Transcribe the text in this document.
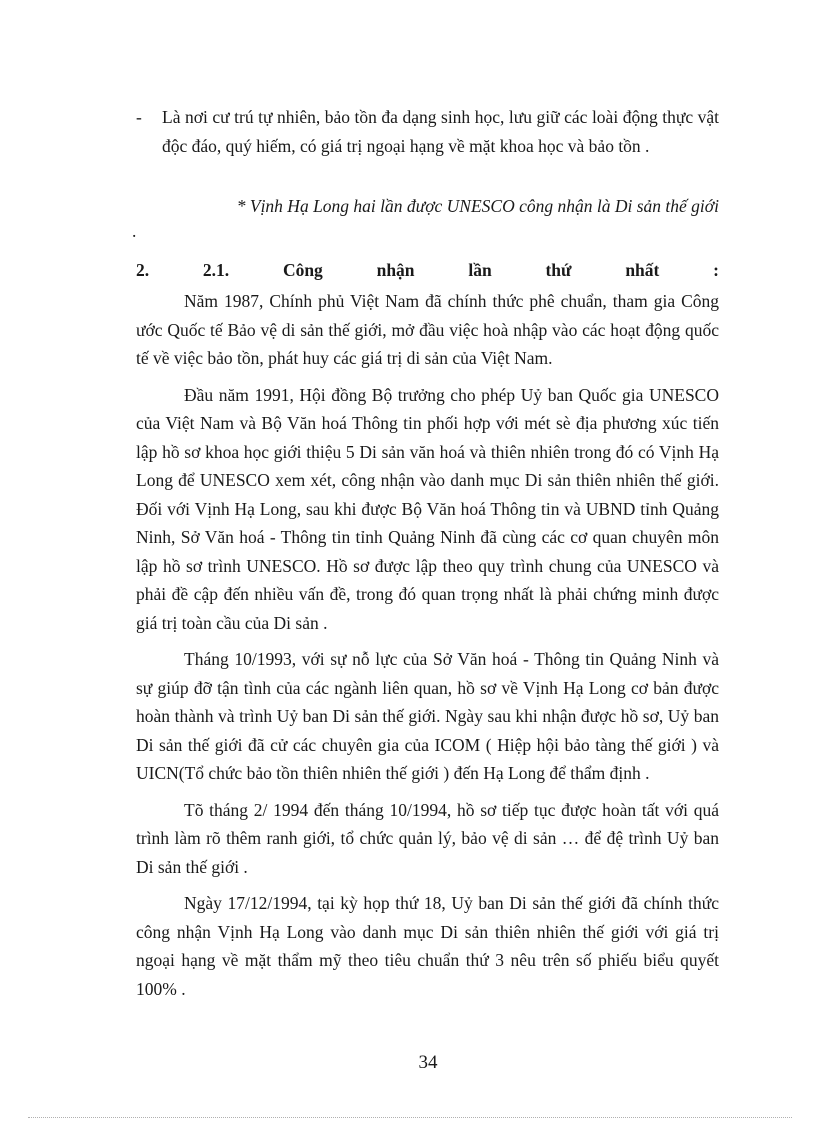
- Là nơi cư trú tự nhiên, bảo tồn đa dạng sinh học, lưu giữ các loài động thực vật độc đáo, quý hiếm, có giá trị ngoại hạng về mặt khoa học và bảo tồn .
* Vịnh Hạ Long hai lần được UNESCO công nhận là Di sản thế giới
.
2.	2.1.	Công	nhận	lần	thứ	nhất	:

Năm 1987, Chính phủ Việt Nam đã chính thức phê chuẩn, tham gia Công ước Quốc tế Bảo vệ di sản thế giới, mở đầu việc hoà nhập vào các hoạt động quốc tế về việc bảo tồn, phát huy các giá trị di sản của Việt Nam.

Đầu năm 1991, Hội đồng Bộ trưởng cho phép Uỷ ban Quốc gia UNESCO của Việt Nam và Bộ Văn hoá Thông tin phối hợp với mét sè địa phương xúc tiến lập hồ sơ khoa học giới thiệu 5 Di sản văn hoá và thiên nhiên trong đó có Vịnh Hạ Long để UNESCO xem xét, công nhận vào danh mục Di sản thiên nhiên thế giới. Đối với Vịnh Hạ Long, sau khi được Bộ Văn hoá Thông tin và UBND tỉnh Quảng Ninh, Sở Văn hoá - Thông tin tỉnh Quảng Ninh đã cùng các cơ quan chuyên môn lập hồ sơ trình UNESCO. Hồ sơ được lập theo quy trình chung của UNESCO và phải đề cập đến nhiều vấn đề, trong đó quan trọng nhất là phải chứng minh được giá trị toàn cầu của Di sản .

Tháng 10/1993, với sự nỗ lực của Sở Văn hoá - Thông tin Quảng Ninh và sự giúp đỡ tận tình của các ngành liên quan, hồ sơ về Vịnh Hạ Long cơ bản được hoàn thành và trình Uỷ ban Di sản thế giới. Ngày sau khi nhận được hồ sơ, Uỷ ban Di sản thế giới đã cử các chuyên gia của ICOM ( Hiệp hội bảo tàng thế giới ) và UICN(Tổ chức bảo tồn thiên nhiên thế giới ) đến Hạ Long để thẩm định .

Tõ tháng 2/ 1994 đến tháng 10/1994, hồ sơ tiếp tục được hoàn tất với quá trình làm rõ thêm ranh giới, tổ chức quản lý, bảo vệ di sản … để đệ trình Uỷ ban Di sản thế giới .

Ngày 17/12/1994, tại kỳ họp thứ 18, Uỷ ban Di sản thế giới đã chính thức công nhận Vịnh Hạ Long vào danh mục Di sản thiên nhiên thế giới với giá trị ngoại hạng về mặt thẩm mỹ theo tiêu chuẩn thứ 3 nêu trên số phiếu biểu quyết 100% .

34
